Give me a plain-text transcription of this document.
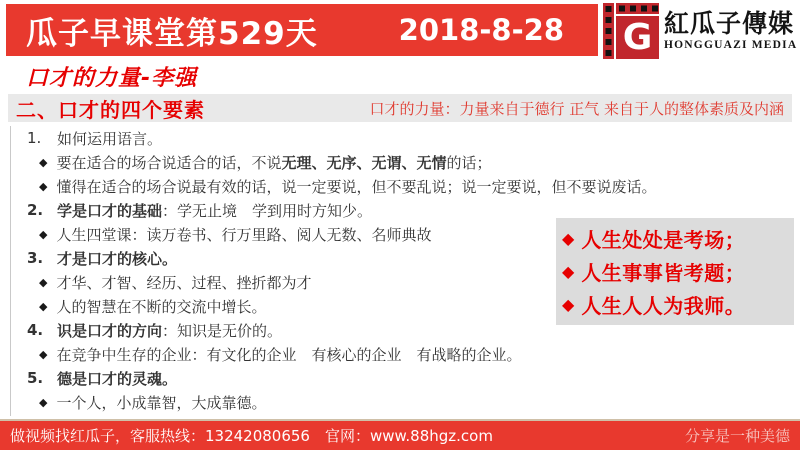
瓜子早课堂第529天	2018-8-28 G 紅瓜子傳媒
HONGGUAZI MEDIA
口才的力量-李强
二、口才的四个要素	口才的力量：力量来自于德行 正气 来自于人的整体素质及内涵
1.	如何运用语言。
◆ 要在适合的场合说适合的话，不说无理、无序、无谓、无情的话；
◆ 懂得在适合的场合说最有效的话，说一定要说，但不要乱说；说一定要说，但不要说废话。
2. 学是口才的基础：学无止境　学到用时方知少。
◆ 人生四堂课：读万卷书、行万里路、阅人无数、名师典故
3. 才是口才的核心。
◆ 才华、才智、经历、过程、挫折都为才
◆ 人的智慧在不断的交流中增长。
4. 识是口才的方向：知识是无价的。
◆ 在竞争中生存的企业：有文化的企业　有核心的企业　有战略的企业。
5. 德是口才的灵魂。
◆ 一个人，小成靠智，大成靠德。
◆ 人生处处是考场；
◆ 人生事事皆考题；
◆ 人生人人为我师。
做视频找红瓜子，客服热线：13242080656　官网：www.88hgz.com	分享是一种美德
